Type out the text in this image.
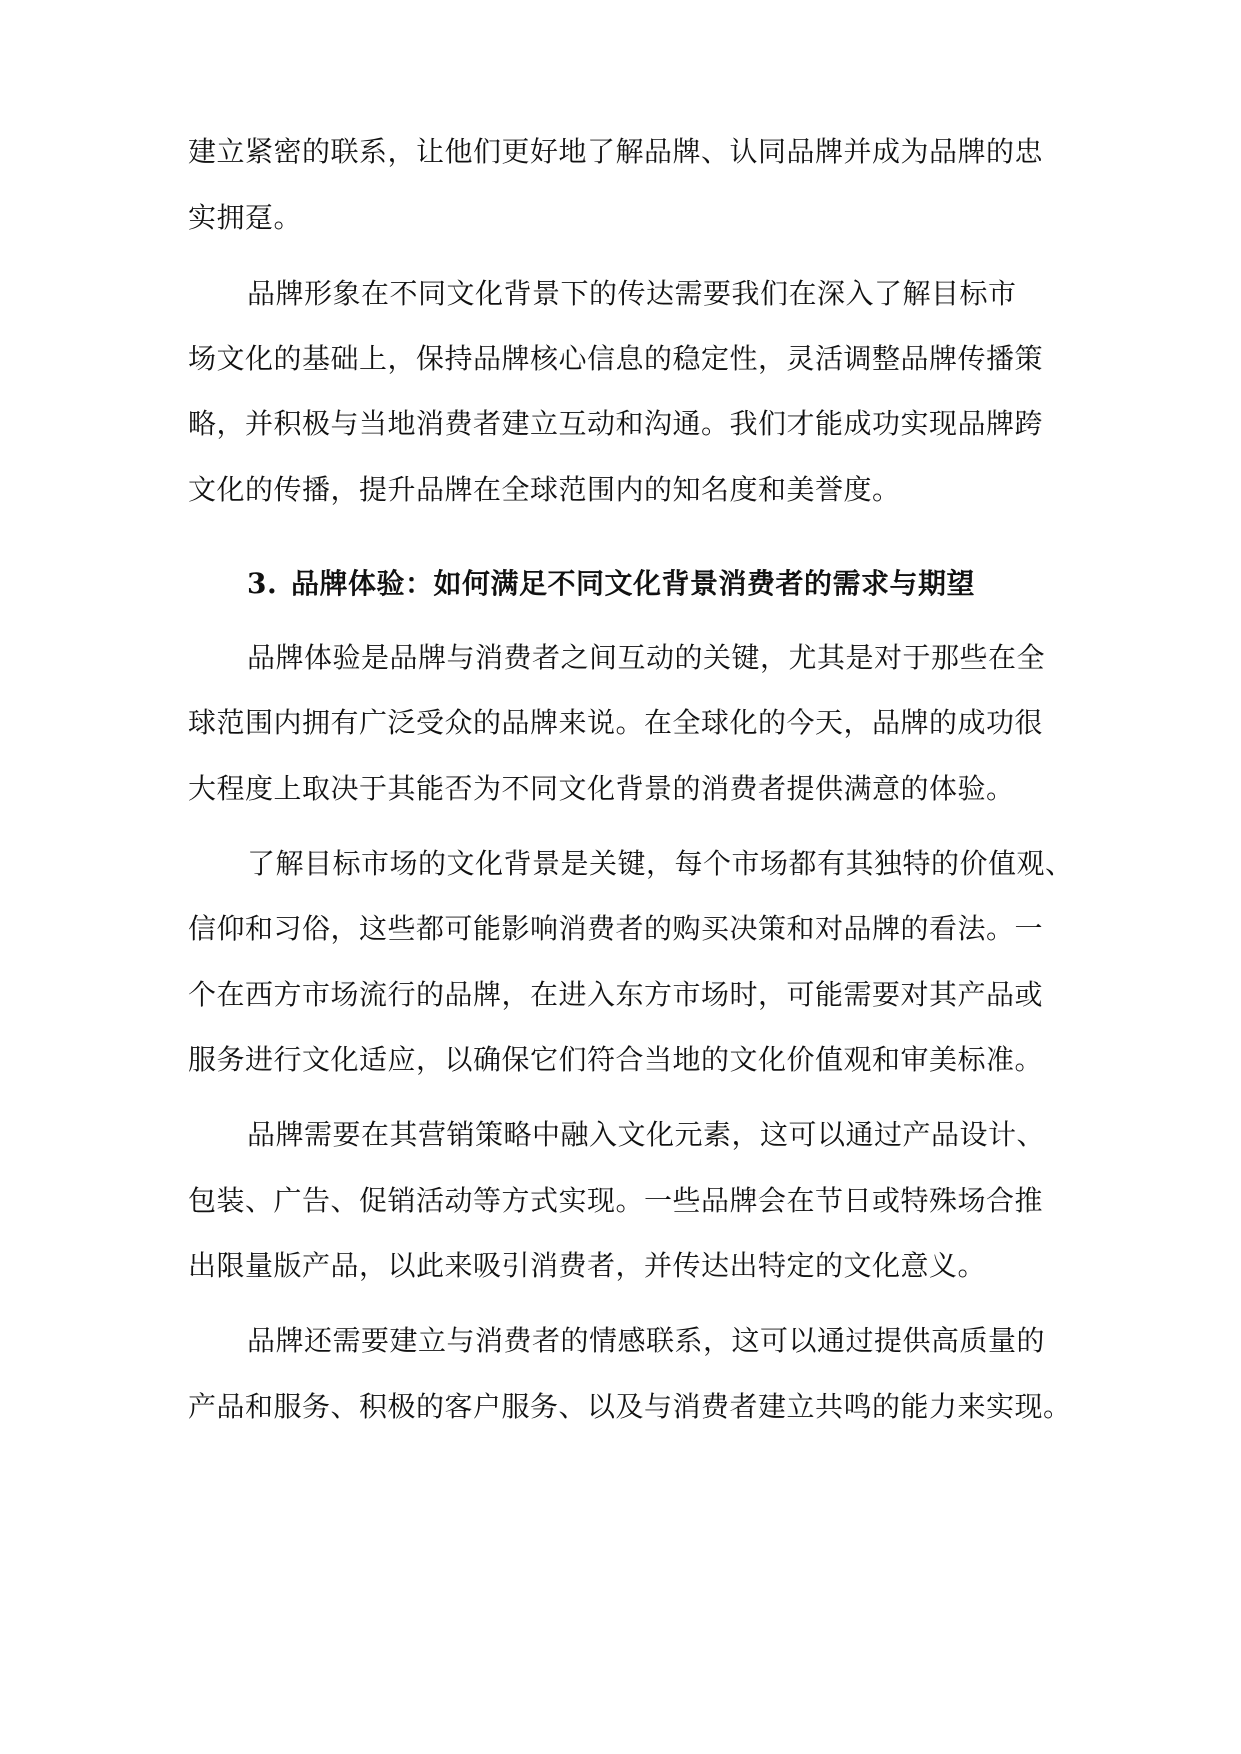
建立紧密的联系，让他们更好地了解品牌、认同品牌并成为品牌的忠
实拥趸。
品牌形象在不同文化背景下的传达需要我们在深入了解目标市
场文化的基础上，保持品牌核心信息的稳定性，灵活调整品牌传播策
略，并积极与当地消费者建立互动和沟通。我们才能成功实现品牌跨
文化的传播，提升品牌在全球范围内的知名度和美誉度。
3. 品牌体验：如何满足不同文化背景消费者的需求与期望
品牌体验是品牌与消费者之间互动的关键，尤其是对于那些在全
球范围内拥有广泛受众的品牌来说。在全球化的今天，品牌的成功很
大程度上取决于其能否为不同文化背景的消费者提供满意的体验。
了解目标市场的文化背景是关键，每个市场都有其独特的价值观、
信仰和习俗，这些都可能影响消费者的购买决策和对品牌的看法。一
个在西方市场流行的品牌，在进入东方市场时，可能需要对其产品或
服务进行文化适应，以确保它们符合当地的文化价值观和审美标准。
品牌需要在其营销策略中融入文化元素，这可以通过产品设计、
包装、广告、促销活动等方式实现。一些品牌会在节日或特殊场合推
出限量版产品，以此来吸引消费者，并传达出特定的文化意义。
品牌还需要建立与消费者的情感联系，这可以通过提供高质量的
产品和服务、积极的客户服务、以及与消费者建立共鸣的能力来实现。
